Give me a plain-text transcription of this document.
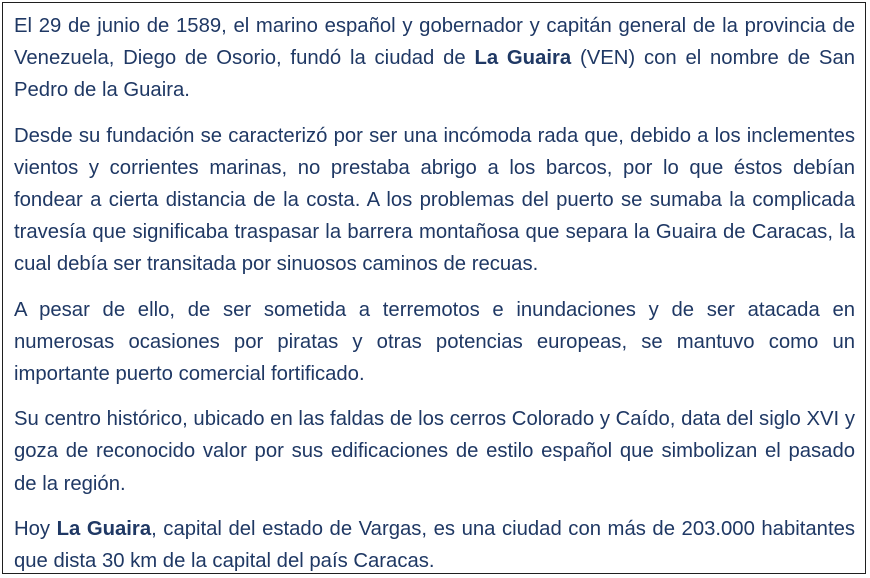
El 29 de junio de 1589, el marino español y gobernador y capitán general de la provincia de Venezuela, Diego de Osorio, fundó la ciudad de La Guaira (VEN) con el nombre de San Pedro de la Guaira.

Desde su fundación se caracterizó por ser una incómoda rada que, debido a los inclementes vientos y corrientes marinas, no prestaba abrigo a los barcos, por lo que éstos debían fondear a cierta distancia de la costa. A los problemas del puerto se sumaba la complicada travesía que significaba traspasar la barrera montañosa que separa la Guaira de Caracas, la cual debía ser transitada por sinuosos caminos de recuas.

A pesar de ello, de ser sometida a terremotos e inundaciones y de ser atacada en numerosas ocasiones por piratas y otras potencias europeas, se mantuvo como un importante puerto comercial fortificado.

Su centro histórico, ubicado en las faldas de los cerros Colorado y Caído, data del siglo XVI y goza de reconocido valor por sus edificaciones de estilo español que simbolizan el pasado de la región.

Hoy La Guaira, capital del estado de Vargas, es una ciudad con más de 203.000 habitantes que dista 30 km de la capital del país Caracas.
